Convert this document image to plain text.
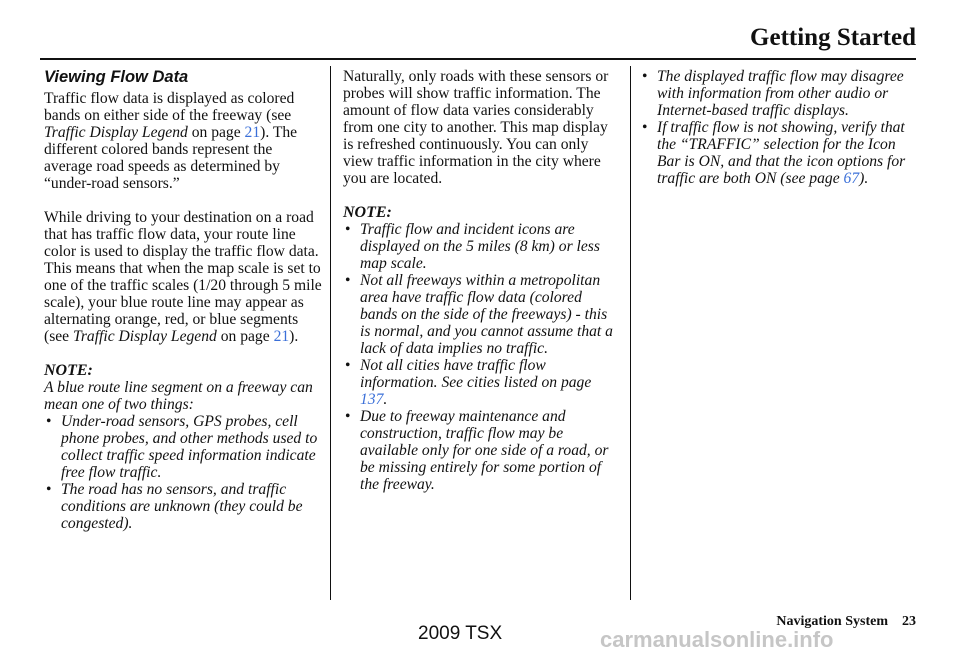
Getting Started
Viewing Flow Data

Traffic flow data is displayed as colored bands on either side of the freeway (see Traffic Display Legend on page 21). The different colored bands represent the average road speeds as determined by “under-road sensors.”

While driving to your destination on a road that has traffic flow data, your route line color is used to display the traffic flow data. This means that when the map scale is set to one of the traffic scales (1/20 through 5 mile scale), your blue route line may appear as alternating orange, red, or blue segments (see Traffic Display Legend on page 21).

NOTE:

A blue route line segment on a freeway can mean one of two things:

• Under-road sensors, GPS probes, cell phone probes, and other methods used to collect traffic speed information indicate free flow traffic.
• The road has no sensors, and traffic conditions are unknown (they could be congested).

Naturally, only roads with these sensors or probes will show traffic information. The amount of flow data varies considerably from one city to another. This map display is refreshed continuously. You can only view traffic information in the city where you are located.

NOTE:

• Traffic flow and incident icons are displayed on the 5 miles (8 km) or less map scale.
• Not all freeways within a metropolitan area have traffic flow data (colored bands on the side of the freeways) - this is normal, and you cannot assume that a lack of data implies no traffic.
• Not all cities have traffic flow information. See cities listed on page 137.
• Due to freeway maintenance and construction, traffic flow may be available only for one side of a road, or be missing entirely for some portion of the freeway.
• The displayed traffic flow may disagree with information from other audio or Internet-based traffic displays.
• If traffic flow is not showing, verify that the “TRAFFIC” selection for the Icon Bar is ON, and that the icon options for traffic are both ON (see page 67).
Navigation System 23
2009 TSX	carmanualsonline.info
